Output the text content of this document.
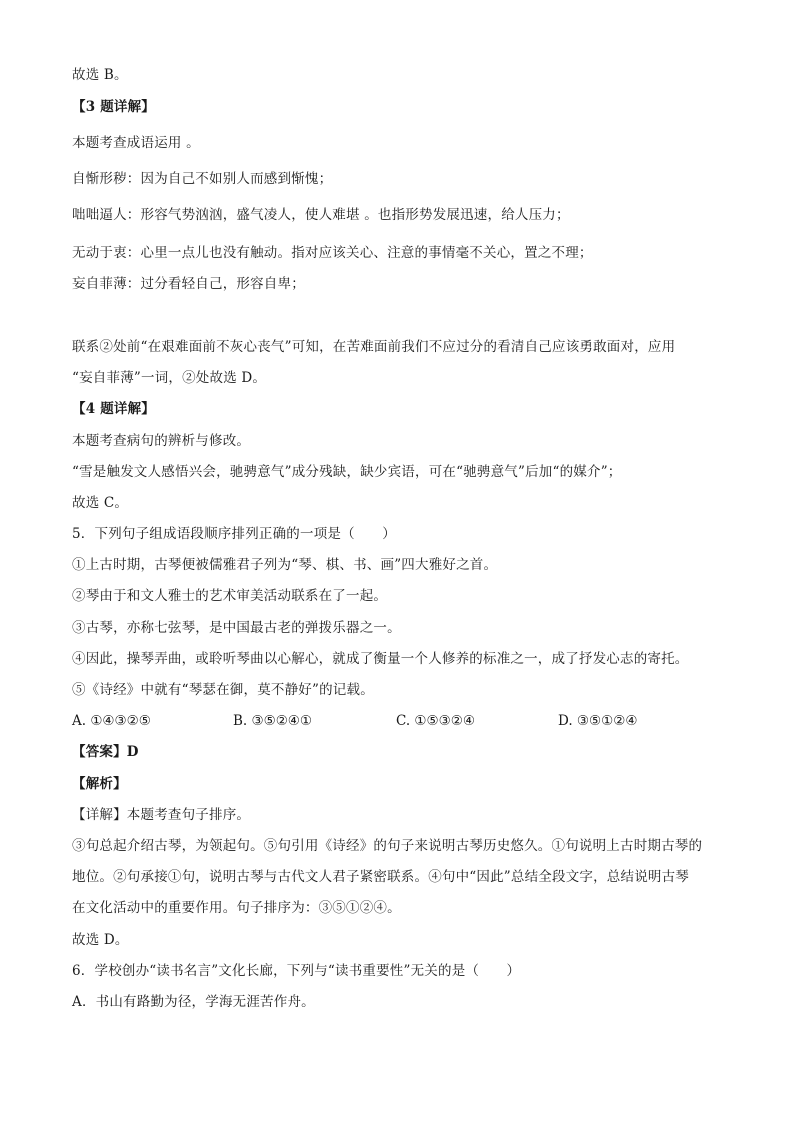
故选 B。
【3 题详解】
本题考查成语运用 。
自惭形秽：因为自己不如别人而感到惭愧；
咄咄逼人：形容气势汹汹，盛气凌人，使人难堪 。也指形势发展迅速，给人压力；
无动于衷：心里一点儿也没有触动。指对应该关心、注意的事情毫不关心，置之不理；
妄自菲薄：过分看轻自己，形容自卑；
联系②处前“在艰难面前不灰心丧气”可知，在苦难面前我们不应过分的看清自己应该勇敢面对，应用
“妄自菲薄”一词，②处故选 D。
【4 题详解】
本题考查病句的辨析与修改。
“雪是触发文人感悟兴会，驰骋意气”成分残缺，缺少宾语，可在“驰骋意气”后加“的媒介”；
故选 C。
5．下列句子组成语段顺序排列正确的一项是（　　）
①上古时期，古琴便被儒雅君子列为“琴、棋、书、画”四大雅好之首。
②琴由于和文人雅士的艺术审美活动联系在了一起。
③古琴，亦称七弦琴，是中国最古老的弹拨乐器之一。
④因此，操琴弄曲，或聆听琴曲以心解心，就成了衡量一个人修养的标准之一，成了抒发心志的寄托。
⑤《诗经》中就有“琴瑟在御，莫不静好”的记载。
A. ①④③②⑤	B. ③⑤②④①	C. ①⑤③②④	D. ③⑤①②④
【答案】D
【解析】
【详解】本题考查句子排序。
③句总起介绍古琴，为领起句。⑤句引用《诗经》的句子来说明古琴历史悠久。①句说明上古时期古琴的
地位。②句承接①句，说明古琴与古代文人君子紧密联系。④句中“因此”总结全段文字，总结说明古琴
在文化活动中的重要作用。句子排序为：③⑤①②④。
故选 D。
6．学校创办“读书名言”文化长廊，下列与“读书重要性”无关的是（　　）
A．书山有路勤为径，学海无涯苦作舟。
